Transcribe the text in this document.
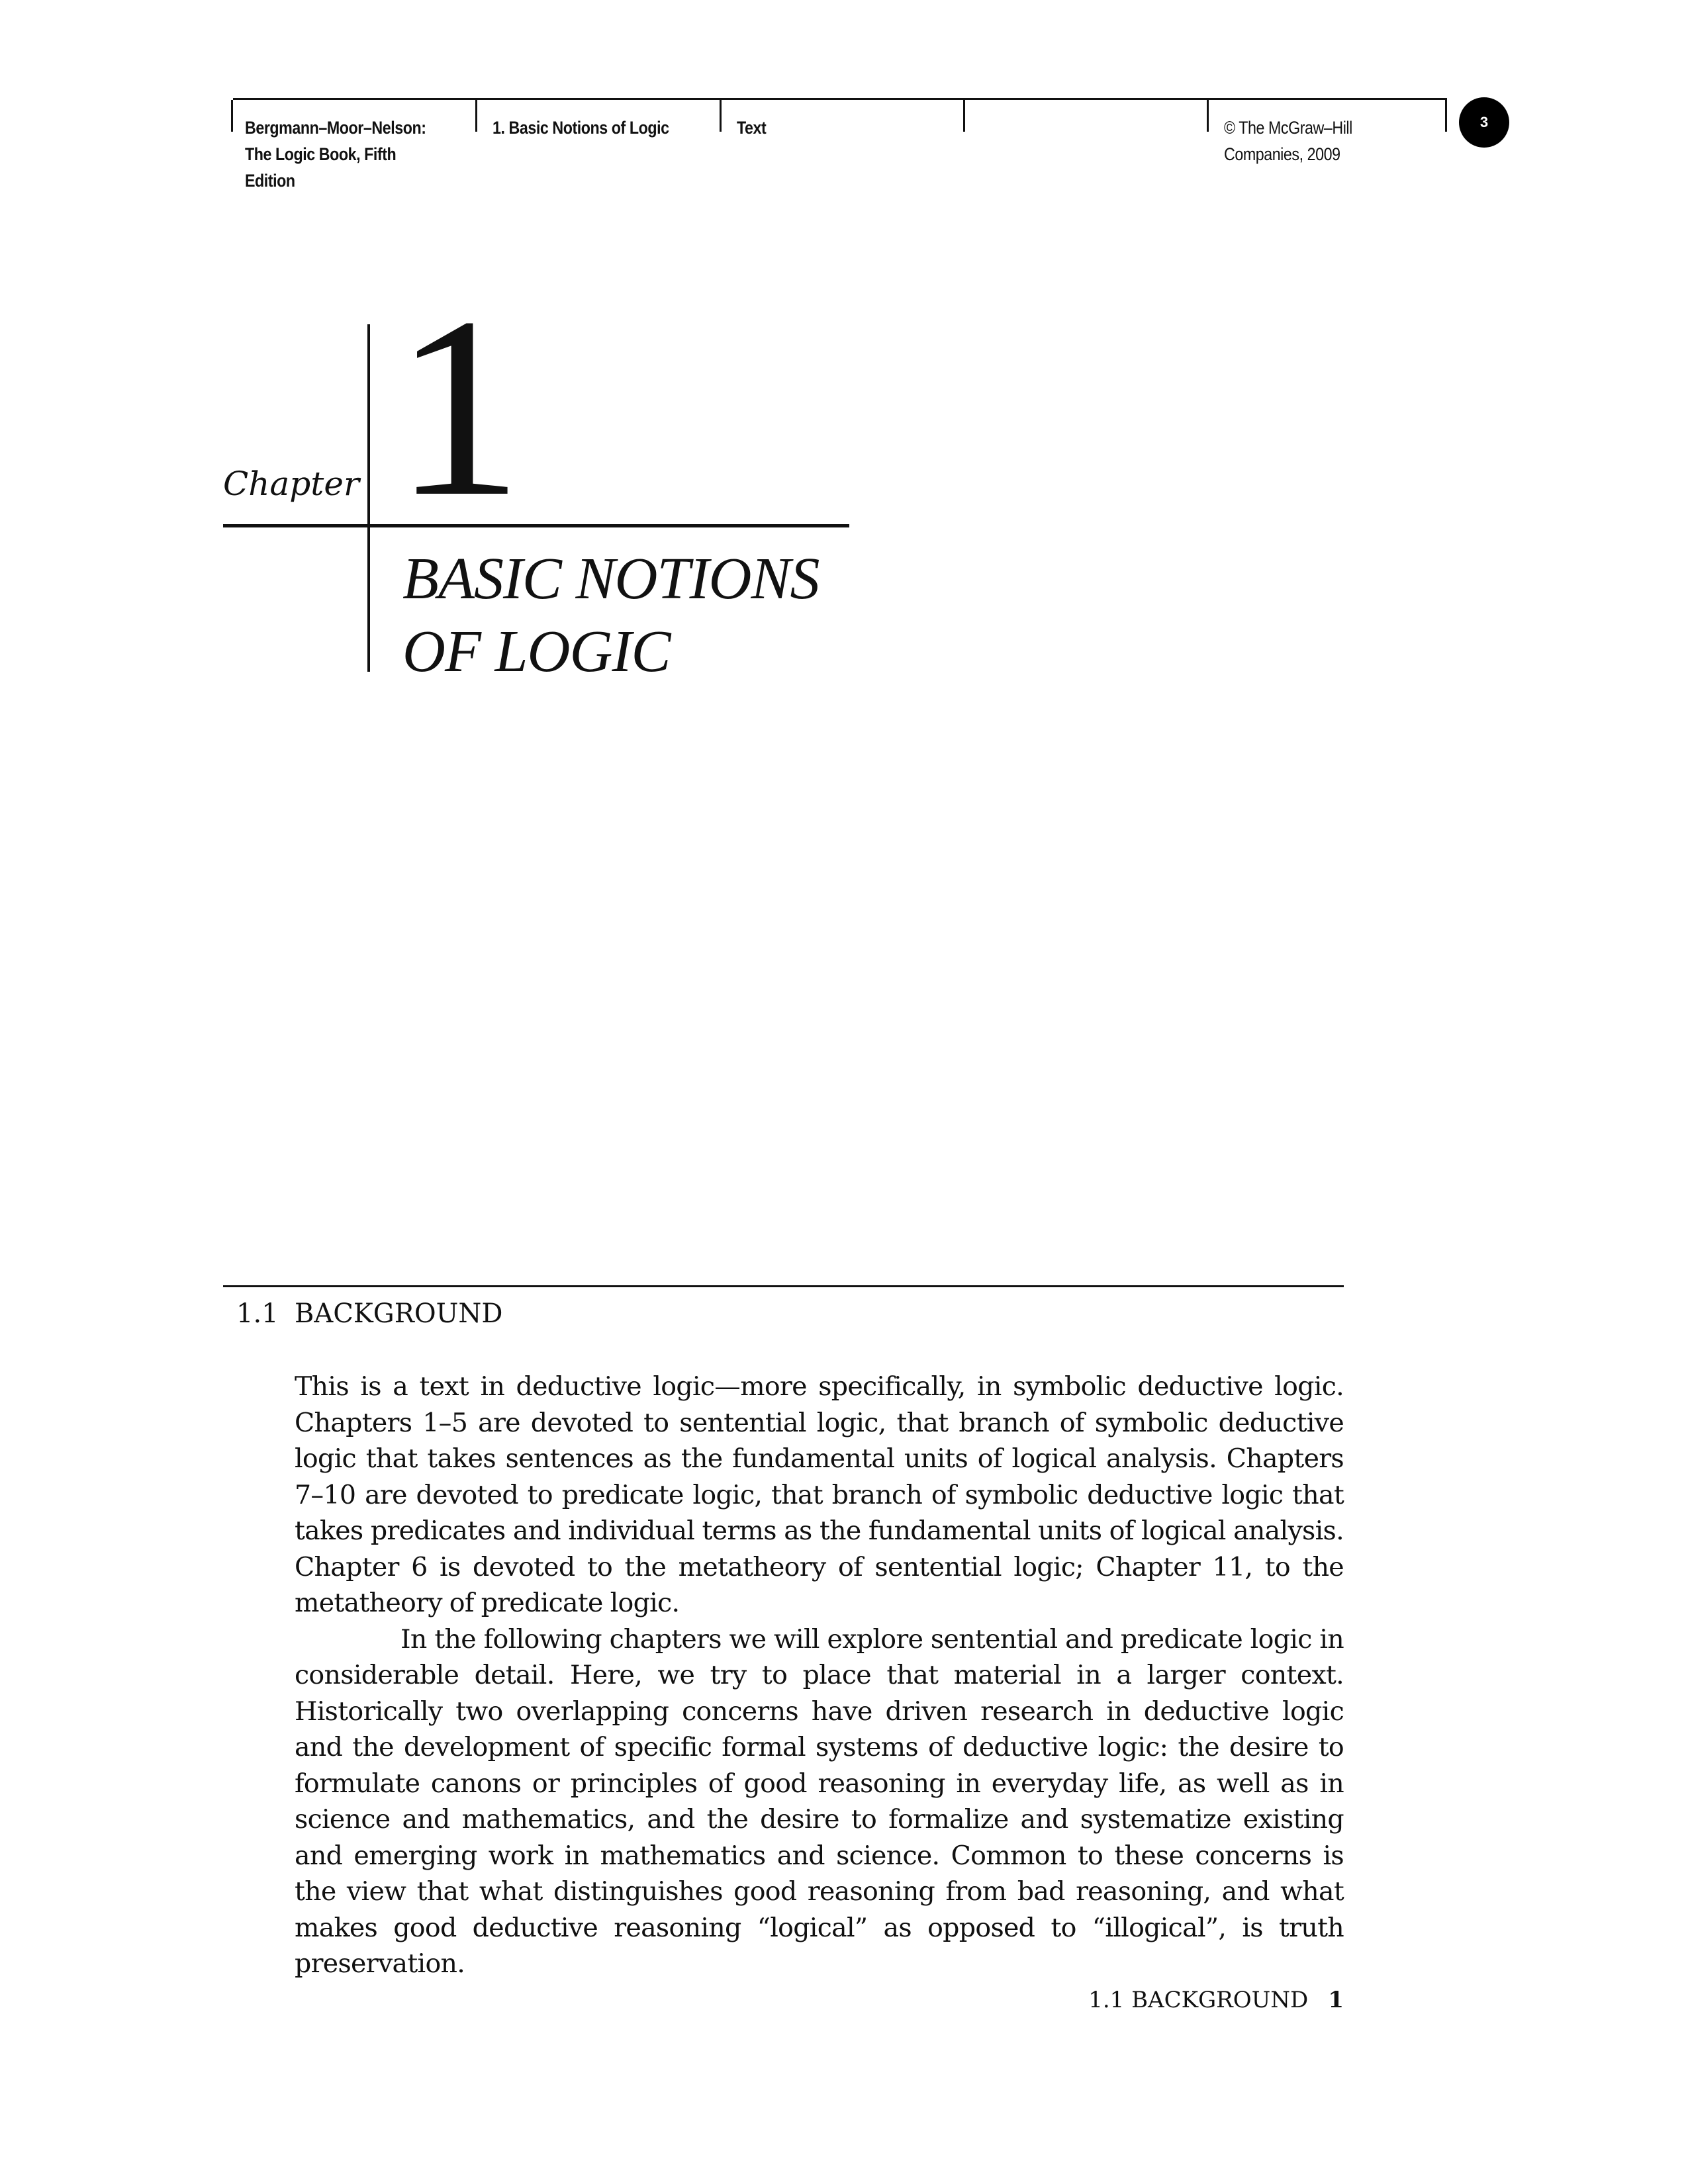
Bergmann–Moor–Nelson:
The Logic Book, Fifth
Edition
1. Basic Notions of Logic	Text	© The McGraw–Hill
Companies, 2009
3
Chapter 1
BASIC NOTIONS
OF LOGIC
1.1 BACKGROUND

This is a text in deductive logic—more specifically, in symbolic deductive logic. Chapters 1–5 are devoted to sentential logic, that branch of symbolic deductive logic that takes sentences as the fundamental units of logical analysis. Chapters 7–10 are devoted to predicate logic, that branch of symbolic deductive logic that takes predicates and individual terms as the fundamental units of logical analysis. Chapter 6 is devoted to the metatheory of sentential logic; Chapter 11, to the metatheory of predicate logic.

In the following chapters we will explore sentential and predicate logic in considerable detail. Here, we try to place that material in a larger context. Historically two overlapping concerns have driven research in deductive logic and the development of specific formal systems of deductive logic: the desire to formulate canons or principles of good reasoning in everyday life, as well as in science and mathematics, and the desire to formalize and systematize existing and emerging work in mathematics and science. Common to these concerns is the view that what distinguishes good reasoning from bad reasoning, and what makes good deductive reasoning “logical” as opposed to “illogical”, is truth preservation.

1.1 BACKGROUND 1
